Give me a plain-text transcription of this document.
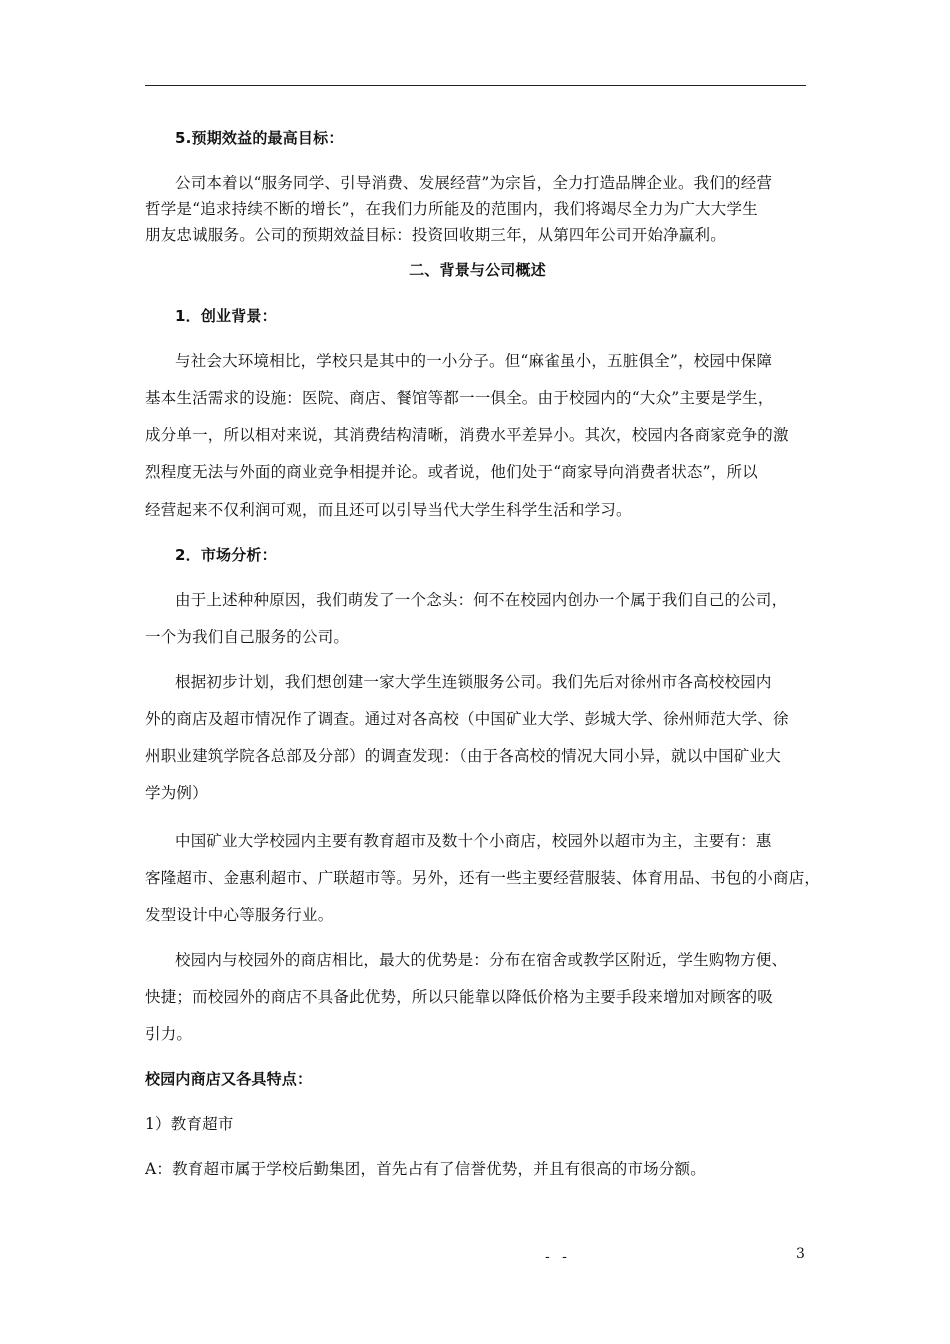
5.预期效益的最高目标：
公司本着以“服务同学、引导消费、发展经营”为宗旨，全力打造品牌企业。我们的经营
哲学是“追求持续不断的增长”，在我们力所能及的范围内，我们将竭尽全力为广大大学生
朋友忠诚服务。公司的预期效益目标：投资回收期三年，从第四年公司开始净赢利。
二、背景与公司概述
1．创业背景：
与社会大环境相比，学校只是其中的一小分子。但“麻雀虽小，五脏俱全”，校园中保障
基本生活需求的设施：医院、商店、餐馆等都一一俱全。由于校园内的“大众”主要是学生，
成分单一，所以相对来说，其消费结构清晰，消费水平差异小。其次，校园内各商家竞争的激
烈程度无法与外面的商业竞争相提并论。或者说，他们处于“商家导向消费者状态”，所以
经营起来不仅利润可观，而且还可以引导当代大学生科学生活和学习。
2．市场分析：
由于上述种种原因，我们萌发了一个念头：何不在校园内创办一个属于我们自己的公司，
一个为我们自己服务的公司。
根据初步计划，我们想创建一家大学生连锁服务公司。我们先后对徐州市各高校校园内
外的商店及超市情况作了调查。通过对各高校（中国矿业大学、彭城大学、徐州师范大学、徐
州职业建筑学院各总部及分部）的调查发现：（由于各高校的情况大同小异，就以中国矿业大
学为例）
中国矿业大学校园内主要有教育超市及数十个小商店，校园外以超市为主，主要有：惠
客隆超市、金惠利超市、广联超市等。另外，还有一些主要经营服装、体育用品、书包的小商店，
发型设计中心等服务行业。
校园内与校园外的商店相比，最大的优势是：分布在宿舍或教学区附近，学生购物方便、
快捷；而校园外的商店不具备此优势，所以只能靠以降低价格为主要手段来增加对顾客的吸
引力。
校园内商店又各具特点：
1）教育超市
A：教育超市属于学校后勤集团，首先占有了信誉优势，并且有很高的市场分额。
- -	3
